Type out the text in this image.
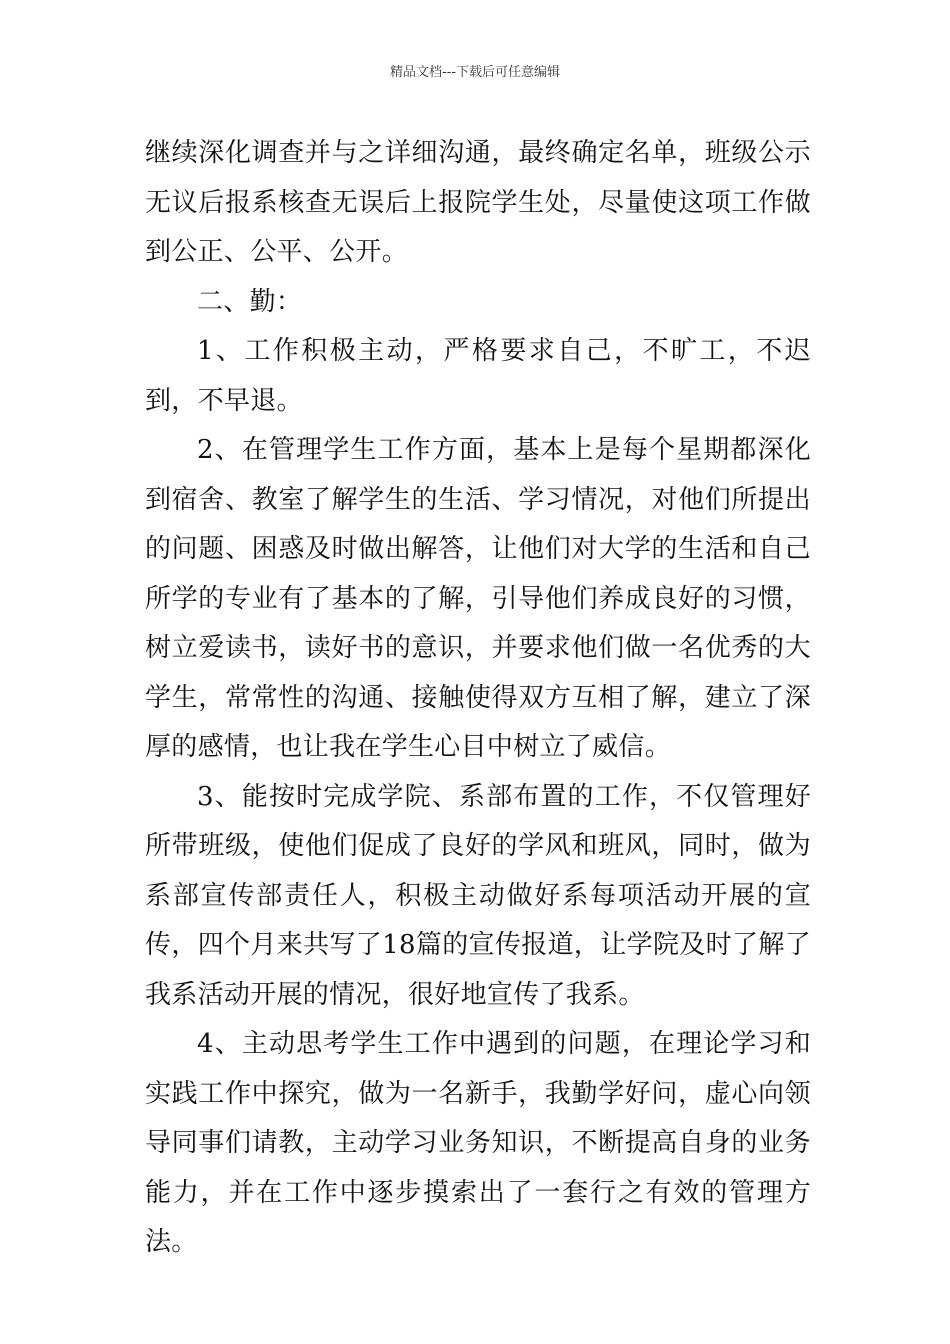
精品文档---下载后可任意编辑

继续深化调查并与之详细沟通，最终确定名单，班级公示无议后报系核查无误后上报院学生处，尽量使这项工作做到公正、公平、公开。

二、勤：

1、工作积极主动，严格要求自己，不旷工，不迟到，不早退。

2、在管理学生工作方面，基本上是每个星期都深化到宿舍、教室了解学生的生活、学习情况，对他们所提出的问题、困惑及时做出解答，让他们对大学的生活和自己所学的专业有了基本的了解，引导他们养成良好的习惯，树立爱读书，读好书的意识，并要求他们做一名优秀的大学生，常常性的沟通、接触使得双方互相了解，建立了深厚的感情，也让我在学生心目中树立了威信。

3、能按时完成学院、系部布置的工作，不仅管理好所带班级，使他们促成了良好的学风和班风，同时，做为系部宣传部责任人，积极主动做好系每项活动开展的宣传，四个月来共写了18篇的宣传报道，让学院及时了解了我系活动开展的情况，很好地宣传了我系。

4、主动思考学生工作中遇到的问题，在理论学习和实践工作中探究，做为一名新手，我勤学好问，虚心向领导同事们请教，主动学习业务知识，不断提高自身的业务能力，并在工作中逐步摸索出了一套行之有效的管理方法。
